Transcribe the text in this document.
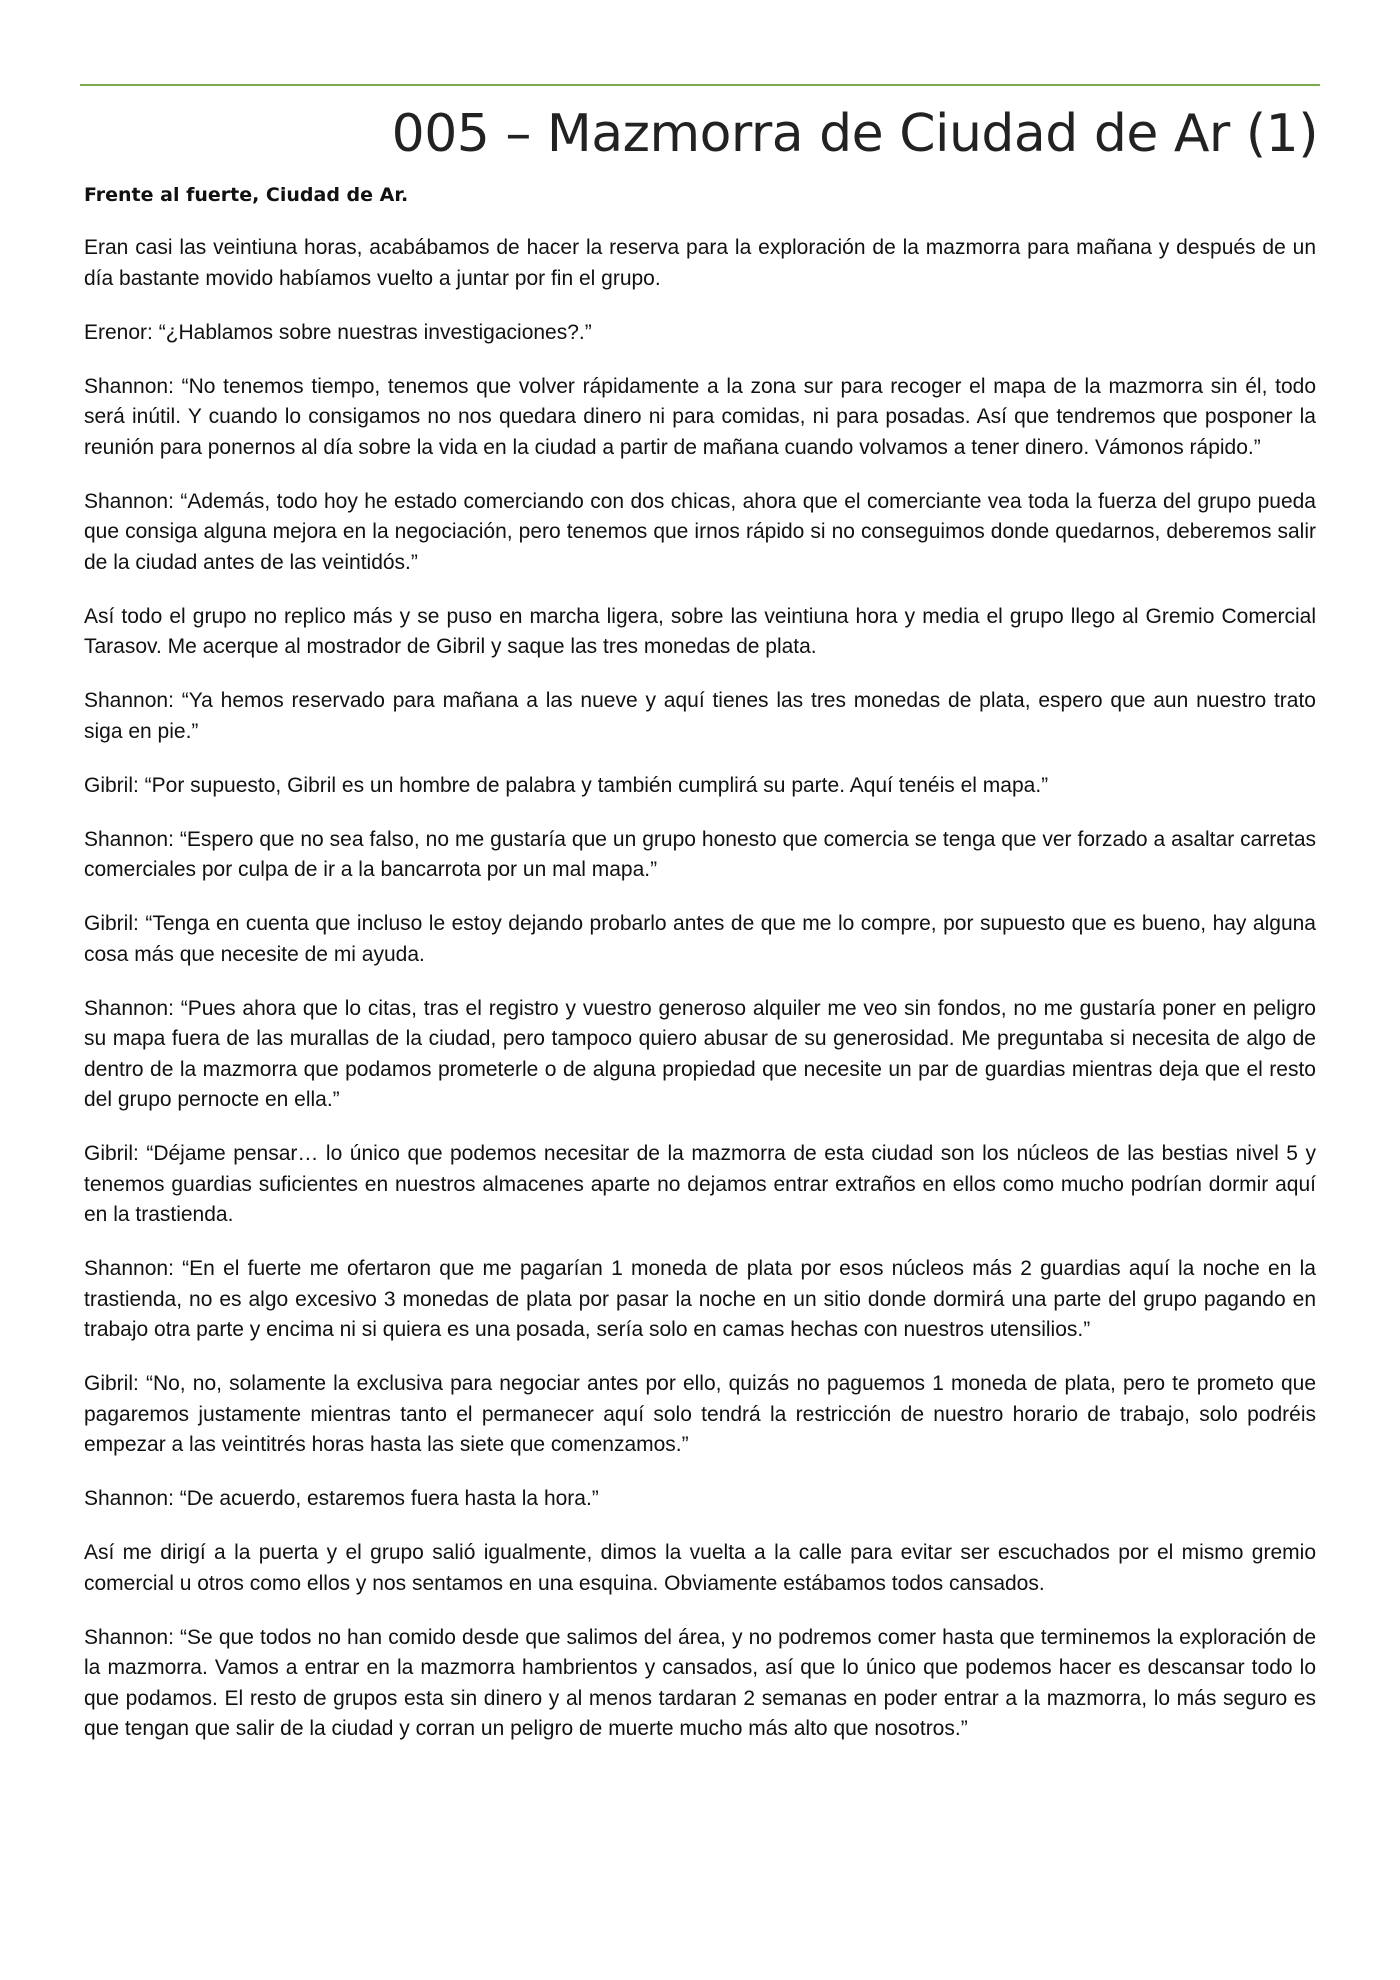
005 – Mazmorra de Ciudad de Ar (1)

Frente al fuerte, Ciudad de Ar.

Eran casi las veintiuna horas, acabábamos de hacer la reserva para la exploración de la mazmorra para mañana y después de un día bastante movido habíamos vuelto a juntar por fin el grupo.

Erenor: “¿Hablamos sobre nuestras investigaciones?.”

Shannon: “No tenemos tiempo, tenemos que volver rápidamente a la zona sur para recoger el mapa de la mazmorra sin él, todo será inútil. Y cuando lo consigamos no nos quedara dinero ni para comidas, ni para posadas. Así que tendremos que posponer la reunión para ponernos al día sobre la vida en la ciudad a partir de mañana cuando volvamos a tener dinero. Vámonos rápido.”

Shannon: “Además, todo hoy he estado comerciando con dos chicas, ahora que el comerciante vea toda la fuerza del grupo pueda que consiga alguna mejora en la negociación, pero tenemos que irnos rápido si no conseguimos donde quedarnos, deberemos salir de la ciudad antes de las veintidós.”

Así todo el grupo no replico más y se puso en marcha ligera, sobre las veintiuna hora y media el grupo llego al Gremio Comercial Tarasov. Me acerque al mostrador de Gibril y saque las tres monedas de plata.

Shannon: “Ya hemos reservado para mañana a las nueve y aquí tienes las tres monedas de plata, espero que aun nuestro trato siga en pie.”

Gibril: “Por supuesto, Gibril es un hombre de palabra y también cumplirá su parte. Aquí tenéis el mapa.”

Shannon: “Espero que no sea falso, no me gustaría que un grupo honesto que comercia se tenga que ver forzado a asaltar carretas comerciales por culpa de ir a la bancarrota por un mal mapa.”

Gibril: “Tenga en cuenta que incluso le estoy dejando probarlo antes de que me lo compre, por supuesto que es bueno, hay alguna cosa más que necesite de mi ayuda.

Shannon: “Pues ahora que lo citas, tras el registro y vuestro generoso alquiler me veo sin fondos, no me gustaría poner en peligro su mapa fuera de las murallas de la ciudad, pero tampoco quiero abusar de su generosidad. Me preguntaba si necesita de algo de dentro de la mazmorra que podamos prometerle o de alguna propiedad que necesite un par de guardias mientras deja que el resto del grupo pernocte en ella.”

Gibril: “Déjame pensar… lo único que podemos necesitar de la mazmorra de esta ciudad son los núcleos de las bestias nivel 5 y tenemos guardias suficientes en nuestros almacenes aparte no dejamos entrar extraños en ellos como mucho podrían dormir aquí en la trastienda.

Shannon: “En el fuerte me ofertaron que me pagarían 1 moneda de plata por esos núcleos más 2 guardias aquí la noche en la trastienda, no es algo excesivo 3 monedas de plata por pasar la noche en un sitio donde dormirá una parte del grupo pagando en trabajo otra parte y encima ni si quiera es una posada, sería solo en camas hechas con nuestros utensilios.”

Gibril: “No, no, solamente la exclusiva para negociar antes por ello, quizás no paguemos 1 moneda de plata, pero te prometo que pagaremos justamente mientras tanto el permanecer aquí solo tendrá la restricción de nuestro horario de trabajo, solo podréis empezar a las veintitrés horas hasta las siete que comenzamos.”

Shannon: “De acuerdo, estaremos fuera hasta la hora.”

Así me dirigí a la puerta y el grupo salió igualmente, dimos la vuelta a la calle para evitar ser escuchados por el mismo gremio comercial u otros como ellos y nos sentamos en una esquina. Obviamente estábamos todos cansados.

Shannon: “Se que todos no han comido desde que salimos del área, y no podremos comer hasta que terminemos la exploración de la mazmorra. Vamos a entrar en la mazmorra hambrientos y cansados, así que lo único que podemos hacer es descansar todo lo que podamos. El resto de grupos esta sin dinero y al menos tardaran 2 semanas en poder entrar a la mazmorra, lo más seguro es que tengan que salir de la ciudad y corran un peligro de muerte mucho más alto que nosotros.”
